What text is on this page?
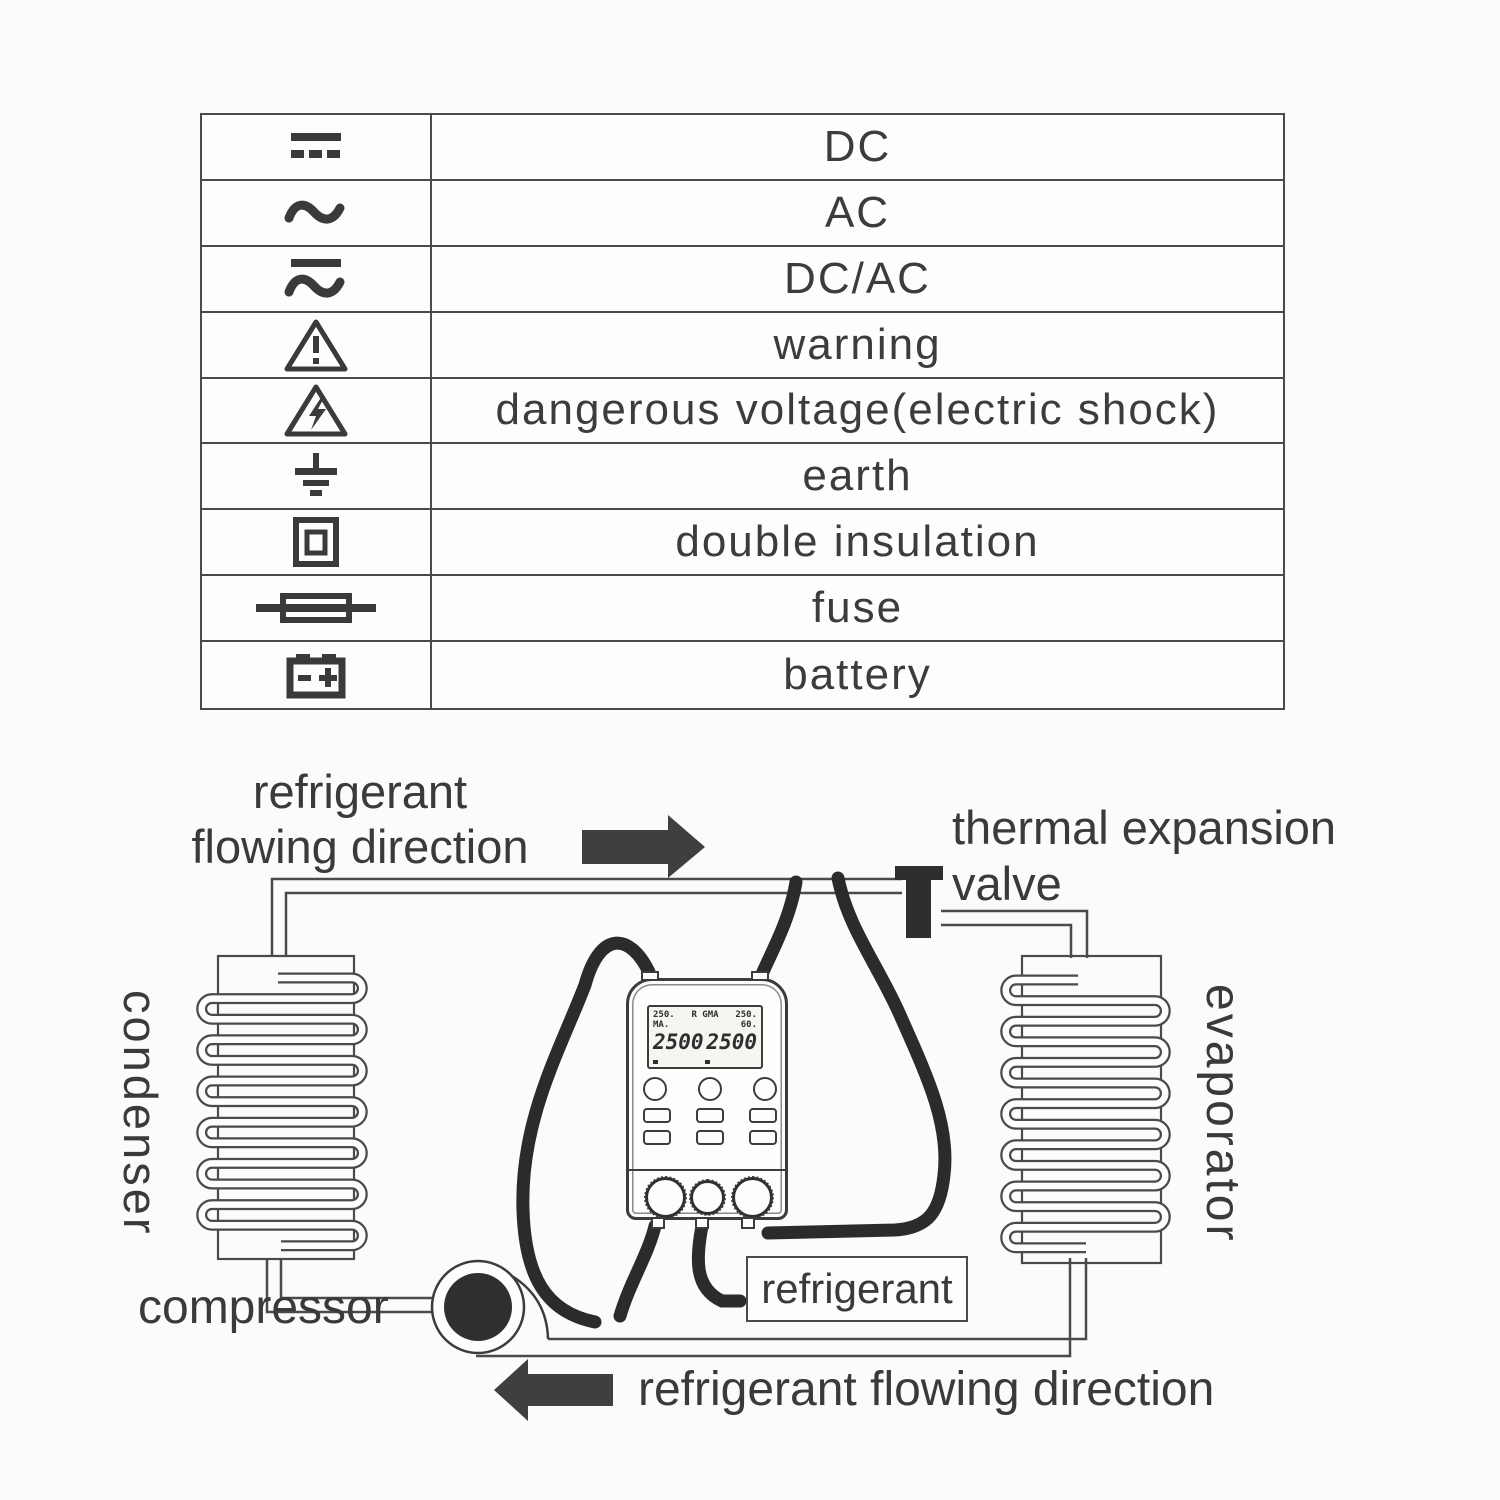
DC
AC
DC/AC
warning
dangerous voltage(electric shock)
earth
double insulation
fuse
battery
refrigerant
flowing direction	thermal expansion
valve
condenser	evaporator
compressor
refrigerant flowing direction
refrigerant
250. R GMA 250.
MA.	60.
2500 2500
